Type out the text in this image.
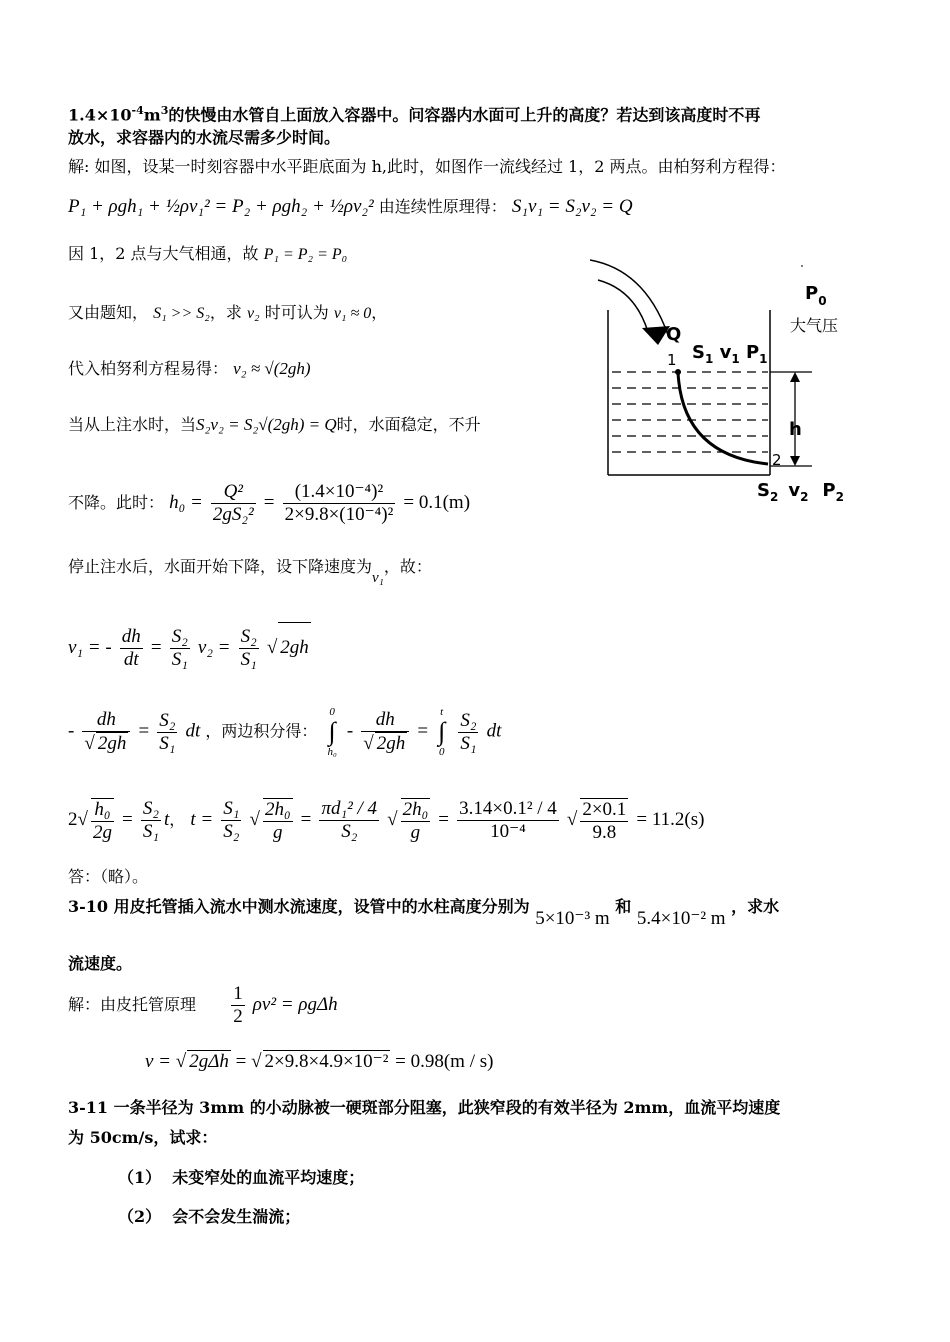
$1.4\times 10^{-4}m^3$的快慢由水管自上面放入容器中。问容器内水面可上升的高度？若达到该高度时不再
放水，求容器内的水流尽需多少时间。
解: 如图，设某一时刻容器中水平距底面为 h,此时，如图作一流线经过 1，2 两点。由柏努利方程得：
P₁ + ρgh₁ + ½ρv₁² = P₂ + ρgh₂ + ½ρv₂² 由连续性原理得： S₁v₁ = S₂v₂ = Q
因 1，2 点与大气相通，故 P₁ = P₂ = P₀
又由题知， S₁ >> S₂，求 v₂ 时可认为 v₁ ≈ 0，
代入柏努利方程易得： v₂ ≈ √(2gh)
当从上注水时，当S₂v₂ = S₂√(2gh) = Q时，水面稳定，不升
不降。此时： $h_0 = \frac{\text{Q²}}{\text{2gS₂²}} = \frac{\text{(1.4×10⁻⁴)²}}{\text{2×9.8×(10⁻⁴)²}} = 0.1(m)$
停止注水后，水面开始下降，设下降速度为v₁，故：
v₁ = - $\frac{dh}{dt} = \frac{\text{S₂}}{\text{S₁}} v_2 = \frac{\text{S₂}}{\text{S₁}}$ √ 2gh
- $\frac{dh}{√ 2gh} = \frac{\text{S₂}}{\text{S₁}}$ dt ，两边积分得：
0
∫
h₀
- $\frac{dh}{√ 2gh}$ =
t
∫
0
$\frac{\text{S₂}}{\text{S₁}}$ dt
$2√ \frac{\text{h₀}}{2g} = \frac{\text{S₂}}{\text{S₁}}$ t， $t = \frac{\text{S₁}}{\text{S₂}}$ √ $\frac{\text{2h₀}}{g} = \frac{\text{πd₁² / 4}}{\text{S₂}}$ √ $\frac{\text{2h₀}}{g} = \frac{\text{3.14×0.1² / 4}}{\text{10⁻⁴}}$ √ $\frac{2\times 0.1}{9.8} = 11.2(s)$
答：（略）。
3-10 用皮托管插入流水中测水流速度，设管中的水柱高度分别为 5×10⁻³ m 和 5.4×10⁻² m ，求水
流速度。
解：由皮托管原理 $\frac{1}{2} \rho v^2 = \rho g\Delta h$
v = √ 2gΔh = √ 2×9.8×4.9×10⁻² = 0.98(m / s)
3-11 一条半径为 3mm 的小动脉被一硬斑部分阻塞，此狭窄段的有效半径为 2mm，血流平均速度
为 50cm/s，试求：
（1） 未变窄处的血流平均速度；
（2） 会不会发生湍流；
$P_0$
大气压
Q
1 $S_1$ $v_1$ $P_1$
h
2
$S_2$ $v_2$ $P_2$
